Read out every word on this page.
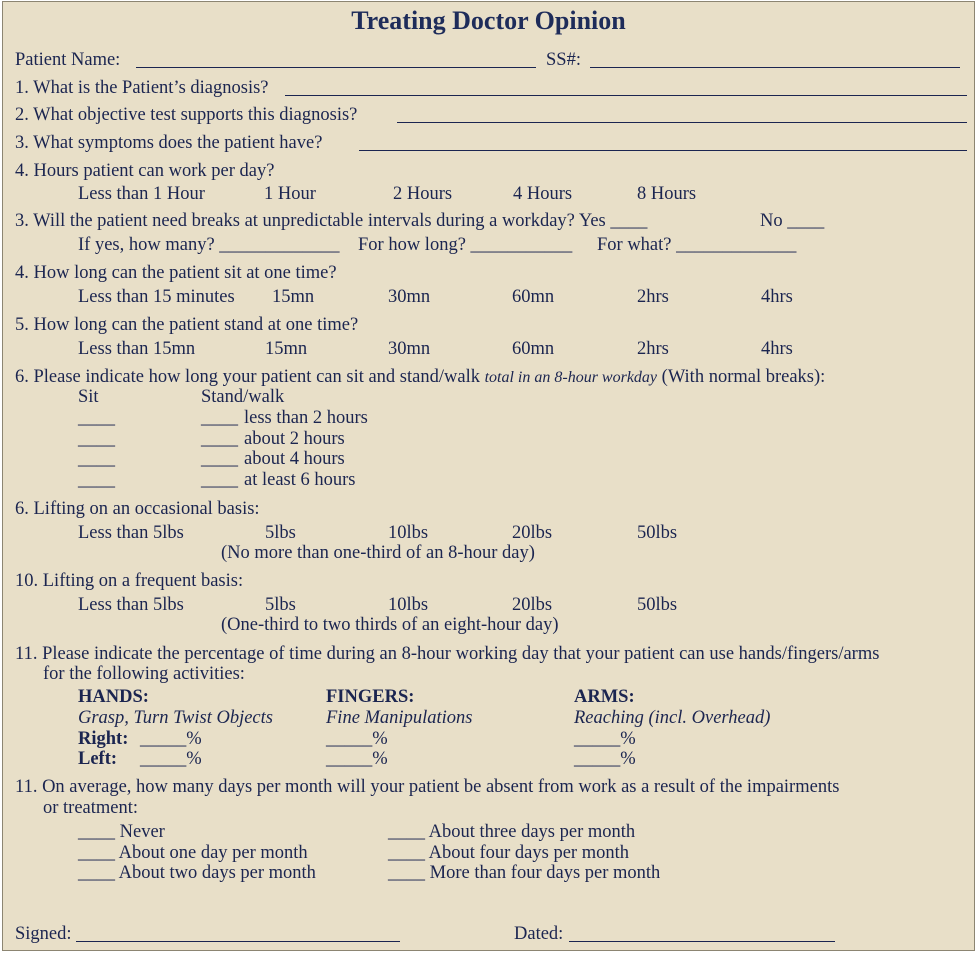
Treating Doctor Opinion
Patient Name:	SS#:
1. What is the Patient’s diagnosis?
2. What objective test supports this diagnosis?
3. What symptoms does the patient have?
4. Hours patient can work per day?
Less than 1 Hour	1 Hour	2 Hours	4 Hours	8 Hours
3. Will the patient need breaks at unpredictable intervals during a workday? Yes ____	No ____
If yes, how many? _____________ For how long? ___________ For what? _____________
4. How long can the patient sit at one time?
Less than 15 minutes 15mn	30mn	60mn	2hrs	4hrs
5. How long can the patient stand at one time?
Less than 15mn	15mn	30mn	60mn	2hrs	4hrs
6. Please indicate how long your patient can sit and stand/walk total in an 8-hour workday (With normal breaks):
Sit	Stand/walk
____	____ less than 2 hours
____	____ about 2 hours
____	____ about 4 hours
____	____ at least 6 hours
6. Lifting on an occasional basis:
Less than 5lbs	5lbs	10lbs	20lbs	50lbs
(No more than one-third of an 8-hour day)
10. Lifting on a frequent basis:
Less than 5lbs	5lbs	10lbs	20lbs	50lbs
(One-third to two thirds of an eight-hour day)
11. Please indicate the percentage of time during an 8-hour working day that your patient can use hands/fingers/arms
for the following activities:
HANDS:	FINGERS:	ARMS:
Grasp, Turn Twist Objects	Fine Manipulations	Reaching (incl. Overhead)
Right: _____%	_____%	_____%
Left: _____%	_____%	_____%
11. On average, how many days per month will your patient be absent from work as a result of the impairments
or treatment:
____ Never
____ About one day per month
____ About two days per month
____ About three days per month
____ About four days per month
____ More than four days per month
Signed:	Dated:
